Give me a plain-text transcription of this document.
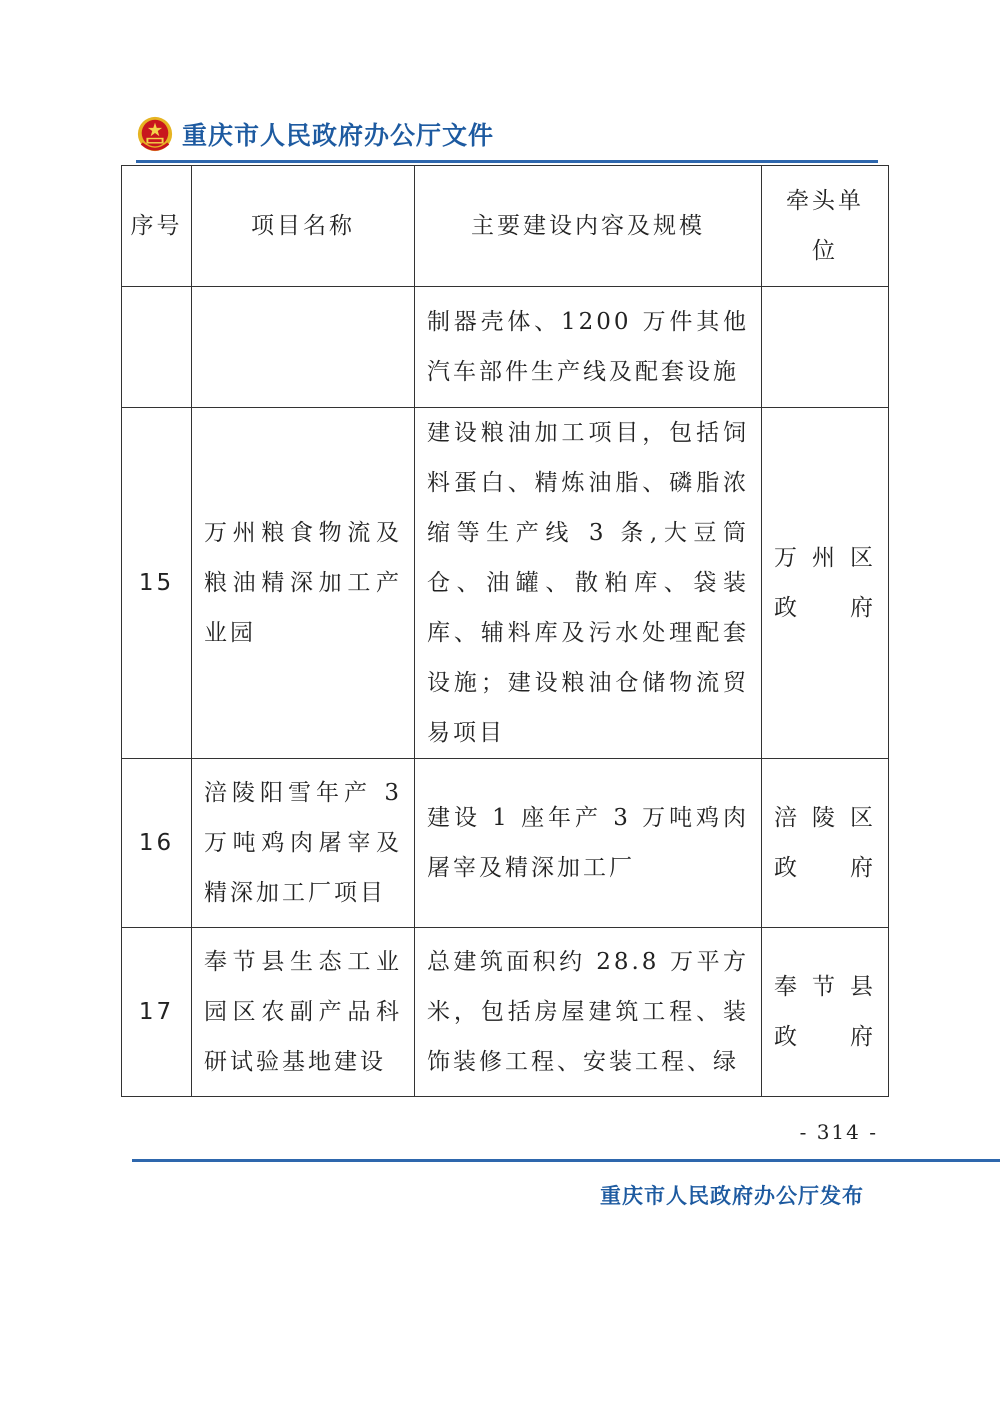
重庆市人民政府办公厅文件
序号	项目名称	主要建设内容及规模	牵头单位
		制器壳体、1200 万件其他汽车部件生产线及配套设施	
15	万州粮食物流及粮油精深加工产业园	建设粮油加工项目，包括饲料蛋白、精炼油脂、磷脂浓缩等生产线 3 条,大豆筒仓、油罐、散粕库、袋装库、辅料库及污水处理配套设施；建设粮油仓储物流贸易项目	万州区政府
16	涪陵阳雪年产 3 万吨鸡肉屠宰及精深加工厂项目	建设 1 座年产 3 万吨鸡肉屠宰及精深加工厂	涪陵区政府
17	奉节县生态工业园区农副产品科研试验基地建设	总建筑面积约 28.8 万平方米，包括房屋建筑工程、装饰装修工程、安装工程、绿	奉节县政府
- 314 -
重庆市人民政府办公厅发布
